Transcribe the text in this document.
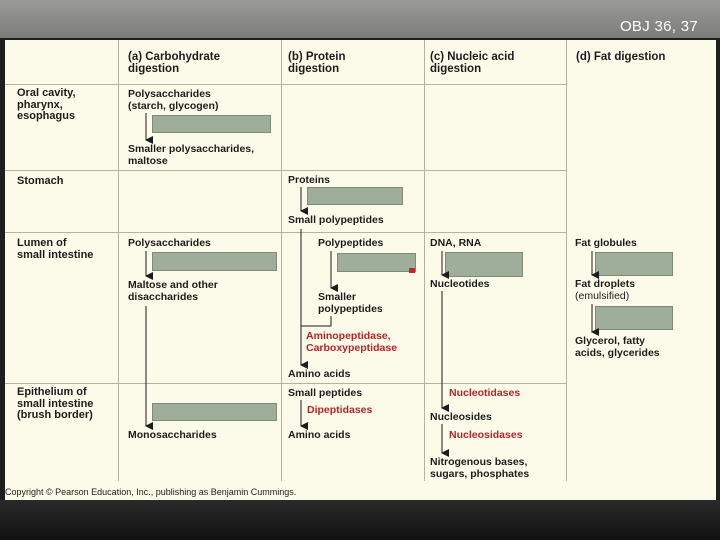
OBJ 36, 37
(a) Carbohydrate
digestion
(b) Protein
digestion
(c) Nucleic acid
digestion
(d) Fat digestion
Oral cavity,
pharynx,
esophagus
Stomach
Lumen of
small intestine
Epithelium of
small intestine
(brush border)
Polysaccharides
(starch, glycogen)
Smaller polysaccharides,
maltose
Polysaccharides
Maltose and other
disaccharides
Monosaccharides
Proteins
Small polypeptides
Polypeptides
Smaller
polypeptides
Aminopeptidase,
Carboxypeptidase
Amino acids
Small peptides
Dipeptidases
Amino acids
DNA, RNA
Nucleotides
Nucleotidases
Nucleosides
Nucleosidases
Nitrogenous bases,
sugars, phosphates
Fat globules
Fat droplets
(emulsified)
Glycerol, fatty
acids, glycerides
Copyright © Pearson Education, Inc., publishing as Benjamin Cummings.
